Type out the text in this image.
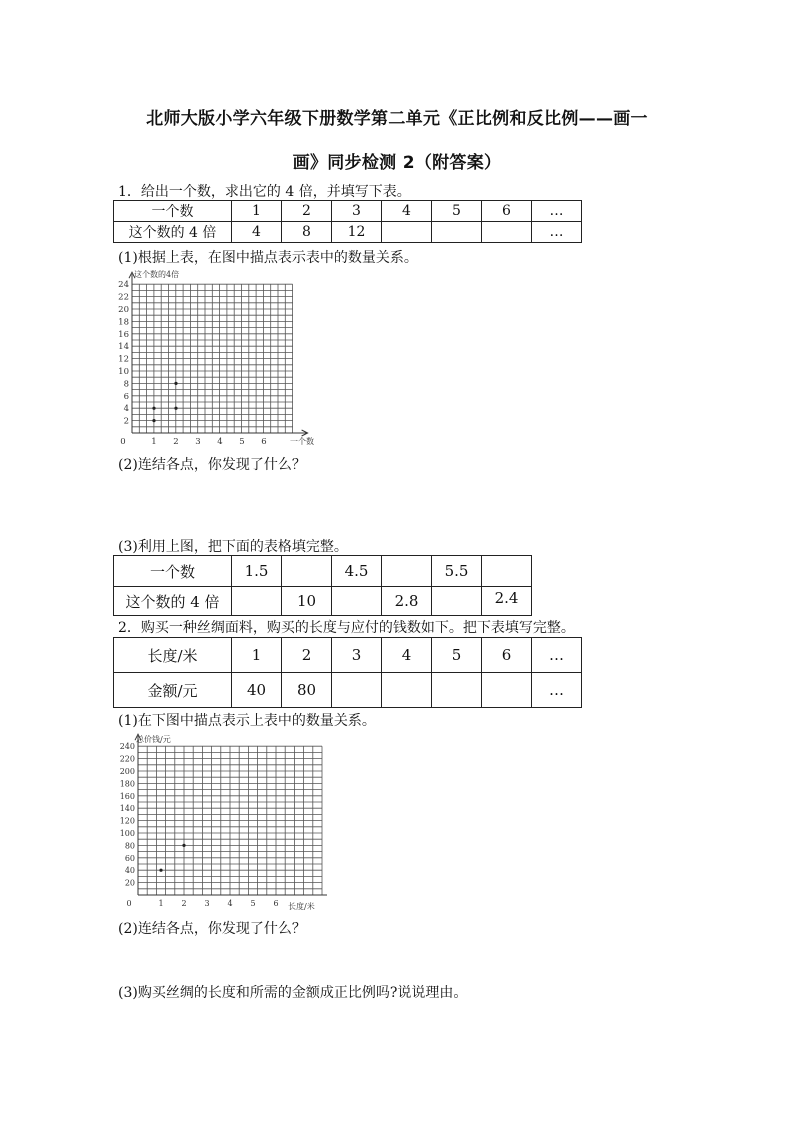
北师大版小学六年级下册数学第二单元《正比例和反比例——画一
画》同步检测 2（附答案）
1．给出一个数，求出它的 4 倍，并填写下表。
一个数	1	2	3	4	5	6	…
这个数的 4 倍	4	8	12				…
(1)根据上表，在图中描点表示表中的数量关系。
这个数的4倍
一个数
24
22
20
18
16
14
12
10
8
6
4
2
0	1 2 3 4 5 6
(2)连结各点，你发现了什么？
(3)利用上图，把下面的表格填完整。
一个数	1.5		4.5		5.5	
这个数的 4 倍		10		2.8		2.4
2．购买一种丝绸面料，购买的长度与应付的钱数如下。把下表填写完整。
长度/米	1	2	3	4	5	6	…
金额/元	40	80					…
(1)在下图中描点表示上表中的数量关系。
总价钱/元
长度/米
240
220
200
180
160
140
120
100
80
60
40
20
0	1 2 3 4 5 6
(2)连结各点，你发现了什么？
(3)购买丝绸的长度和所需的金额成正比例吗?说说理由。
